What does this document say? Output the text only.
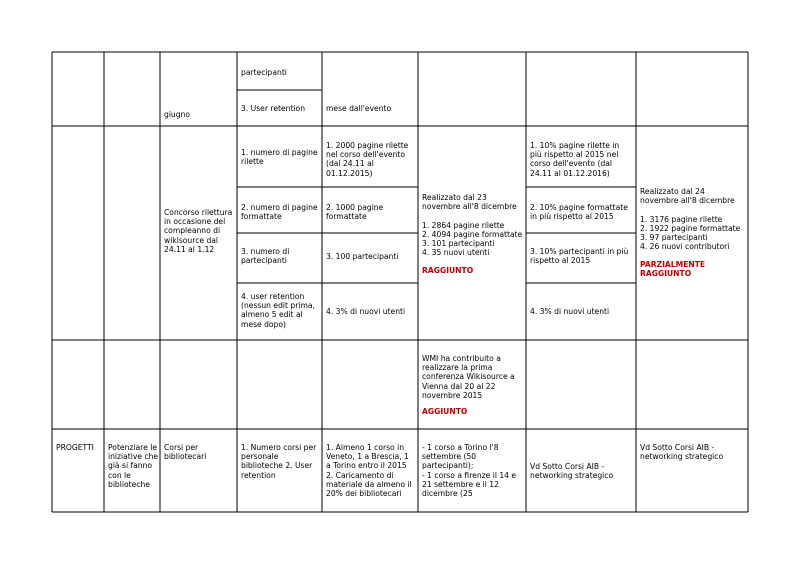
giugno
partecipanti
3. User retention	mese dall'evento
Concorso rilettura
in occasione del
compleanno di
wikisource dal
24.11 al 1.12
1. numero di pagine
rilette
2. numero di pagine
formattate
3. numero di
partecipanti
4. user retention
(nessun edit prima,
almeno 5 edit al
mese dopo)
1. 2000 pagine rilette
nel corso dell'evento
(dal 24.11 al
01.12.2015)
2. 1000 pagine
formattate
3. 100 partecipanti
4. 3% di nuovi utenti
Realizzato dal 23
novembre all'8 dicembre

1. 2864 pagine rilette
2. 4094 pagine formattate
3. 101 partecipanti
4. 35 nuovi utenti
RAGGIUNTO
1. 10% pagine rilette in
più rispetto al 2015 nel
corso dell'evento (dal
24.11 al 01.12.2016)
2. 10% pagine formattate
in più rispetto al 2015
3. 10% partecipanti in più
rispetto al 2015
4. 3% di nuovi utenti
Realizzato dal 24
novembre all'8 dicembre

1. 3176 pagine rilette
2. 1922 pagine formattate
3. 97 partecipanti
4. 26 nuovi contributori
PARZIALMENTE
RAGGIUNTO
WMI ha contribuito a
realizzare la prima
conferenza Wikisource a
Vienna dal 20 al 22
novembre 2015
AGGIUNTO
PROGETTI	Potenziare le
iniziative che
già si fanno
con le
biblioteche
Corsi per
bibliotecari
1. Numero corsi per
personale
biblioteche 2. User
retention
1. Almeno 1 corso in
Veneto, 1 a Brescia, 1
a Torino entro il 2015
2. Caricamento di
materiale da almeno il
20% dei bibliotecari
- 1 corso a Torino l'8
settembre (50
partecipanti);
- 1 corso a firenze il 14 e
21 settembre e il 12
dicembre (25
Vd Sotto Corsi AIB -
networking strategico
Vd Sotto Corsi AIB -
networking strategico
